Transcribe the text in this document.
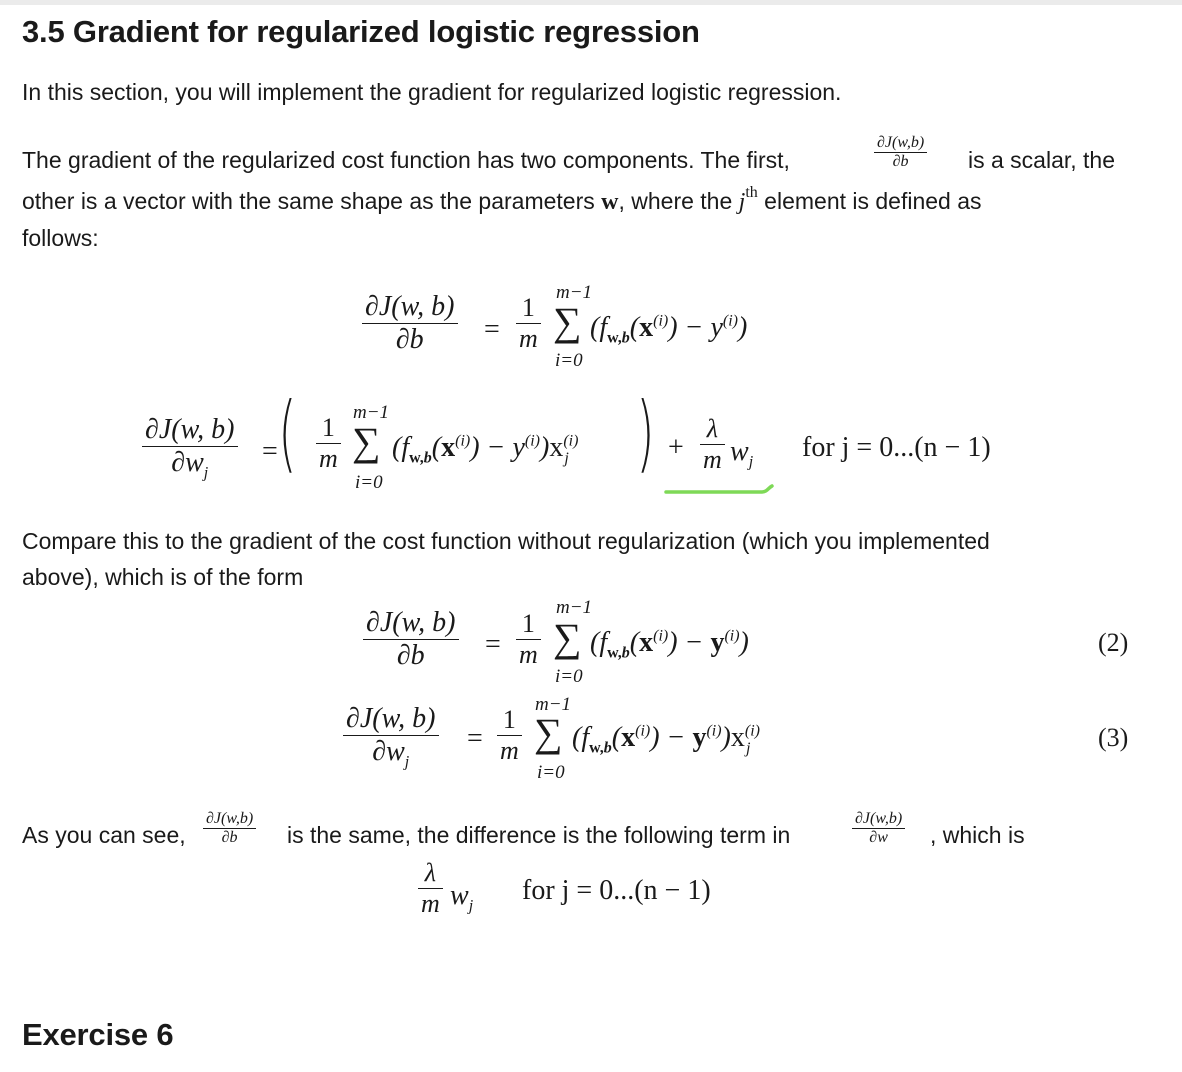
3.5 Gradient for regularized logistic regression
In this section, you will implement the gradient for regularized logistic regression.
The gradient of the regularized cost function has two components. The first,	$\frac{\partial J(w,b)}{\partial b}$ is a scalar, the
other is a vector with the same shape as the parameters w, where the $j^{th}$ element is defined as
follows:
$\frac{\partial J(w, b)}{\partial b} = \frac{1}{m}$
m−1
∑
i=0
$(f_{w,b}(x^{(i)}) - y^{(i)})$
$\frac{\partial J(w, b)}{\partial w_j}$ = ( $\frac{1}{m}$
m−1
∑
i=0
$(f_{w,b}(x^{(i)}) - y^{(i)})x^{(i)}_j$ ) + $\frac{\lambda}{m} w_j$ for j = 0...(n − 1)
Compare this to the gradient of the cost function without regularization (which you implemented
above), which is of the form
$\frac{\partial J(w, b)}{\partial b} = \frac{1}{m}$
m−1
∑
i=0
$(f_{w,b}(x^{(i)}) - y^{(i)})$	(2)
$\frac{\partial J(w, b)}{\partial w_j} = \frac{1}{m}$
m−1
∑
i=0
$(f_{w,b}(x^{(i)}) - y^{(i)})x^{(i)}_j$	(3)
As you can see, $\frac{\partial J(w,b)}{\partial b}$ is the same, the difference is the following term in	$\frac{\partial J(w,b)}{\partial w}$ , which is
$\frac{\lambda}{m} w_j$
for j = 0...(n − 1)
Exercise 6
